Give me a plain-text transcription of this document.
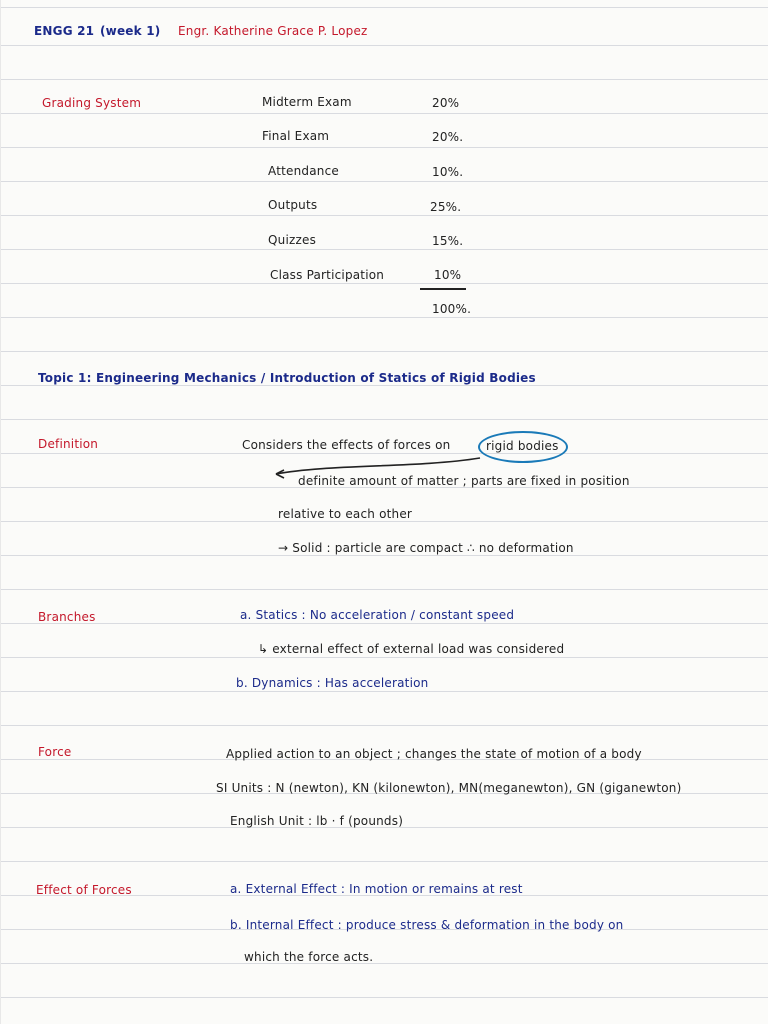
ENGG 21 (week 1) Engr. Katherine Grace P. Lopez
Grading System	Midterm Exam	20%
Final Exam	20%.
Attendance	10%.
Outputs	25%.
Quizzes	15%.
Class Participation	10%
100%.
Topic 1: Engineering Mechanics / Introduction of Statics of Rigid Bodies
Definition	Considers the effects of forces on	rigid bodies
definite amount of matter ; parts are fixed in position
relative to each other
→ Solid : particle are compact ∴ no deformation
Branches	a. Statics : No acceleration / constant speed
↳ external effect of external load was considered
b. Dynamics : Has acceleration
Force	Applied action to an object ; changes the state of motion of a body
SI Units : N (newton), KN (kilonewton), MN(meganewton), GN (giganewton)
English Unit : lb · f (pounds)
Effect of Forces	a. External Effect : In motion or remains at rest
b. Internal Effect : produce stress & deformation in the body on
which the force acts.
